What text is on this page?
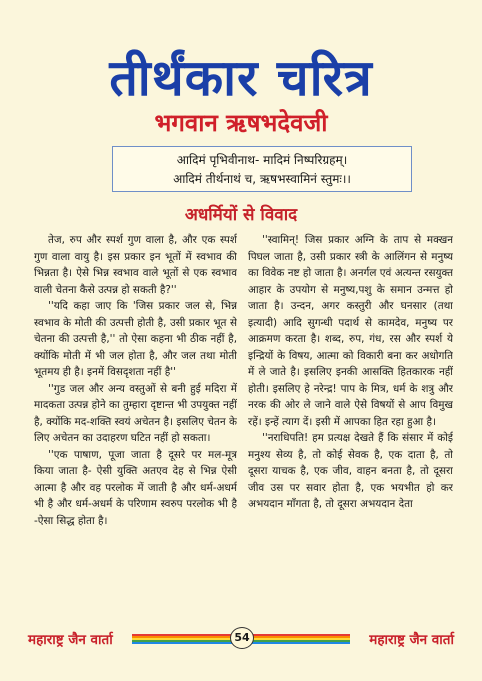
तीर्थंकार चरित्र
भगवान ऋषभदेवजी
आदिमं पृभिवीनाथ- मादिमं निष्परिग्रहम्।
आदिमं तीर्थनाथं च, ऋषभस्वामिनं स्तुमः।।
अधर्मियों से विवाद

तेज, रुप और स्पर्श गुण वाला है, और एक स्पर्श गुण वाला वायु है। इस प्रकार इन भूतों में स्वभाव की भिन्नता है। ऐसे भिन्न स्वभाव वाले भूतों से एक स्वभाव वाली चेतना कैसे उत्पन्न हो सकती है?''

''यदि कहा जाए कि 'जिस प्रकार जल से, भिन्न स्वभाव के मोती की उत्पत्ती होती है, उसी प्रकार भूत से चेतना की उत्पत्ती है,'' तो ऐसा कहना भी ठीक नहीं है, क्योंकि मोती में भी जल होता है, और जल तथा मोती भूतमय ही है। इनमें विसदृशता नहीं है''

''गुड जल और अन्य वस्तुओं से बनी हुई मदिरा में मादकता उत्पन्न होने का तुम्हारा दृष्टान्त भी उपयुक्त नहीं है, क्योंकि मद-शक्ति स्वयं अचेतन है। इसलिए चेतन के लिए अचेतन का उदाहरण घटित नहीं हो सकता।

''एक पाषाण, पूजा जाता है दूसरे पर मल-मूत्र किया जाता है- ऐसी युक्ति अतएव देह से भिन्न ऐसी आत्मा है और वह परलोक में जाती है और धर्म-अधर्म भी है और धर्म-अधर्म के परिणाम स्वरुप परलोक भी है -ऐसा सिद्ध होता है।

''स्वामिन्! जिस प्रकार अग्नि के ताप से मक्खन पिघल जाता है, उसी प्रकार स्त्री के आलिंगन से मनुष्य का विवेक नष्ट हो जाता है। अनर्गल एवं अत्यन्त रसयुक्त आहार के उपयोग से मनुष्य,पशु के समान उन्मत्त हो जाता है। उन्दन, अगर कस्तुरी और घनसार (तथा इत्यादी) आदि सुगन्धी पदार्थ से कामदेव, मनुष्य पर आक्रमण करता है। शब्द, रुप, गंध, रस और स्पर्श ये इन्द्रियों के विषय, आत्मा को विकारी बना कर अधोगति में ले जाते है। इसलिए इनकी आसक्ति हितकारक नहीं होती। इसलिए हे नरेन्द्र! पाप के मित्र, धर्म के शत्रु और नरक की ओर ले जाने वाले ऐसे विषयों से आप विमुख रहें। इन्हें त्याग दें। इसी में आपका हित रहा हुआ है।

''नराधिपति! हम प्रत्यक्ष देखते हैं कि संसार में कोई मनुश्य सेव्य है, तो कोई सेवक है, एक दाता है, तो दूसरा याचक है, एक जीव, वाहन बनता है, तो दूसरा जीव उस पर सवार होता है, एक भयभीत हो कर अभयदान माँगता है, तो दूसरा अभयदान देता

महाराष्ट्र जैन वार्ता	54	महाराष्ट्र जैन वार्ता
